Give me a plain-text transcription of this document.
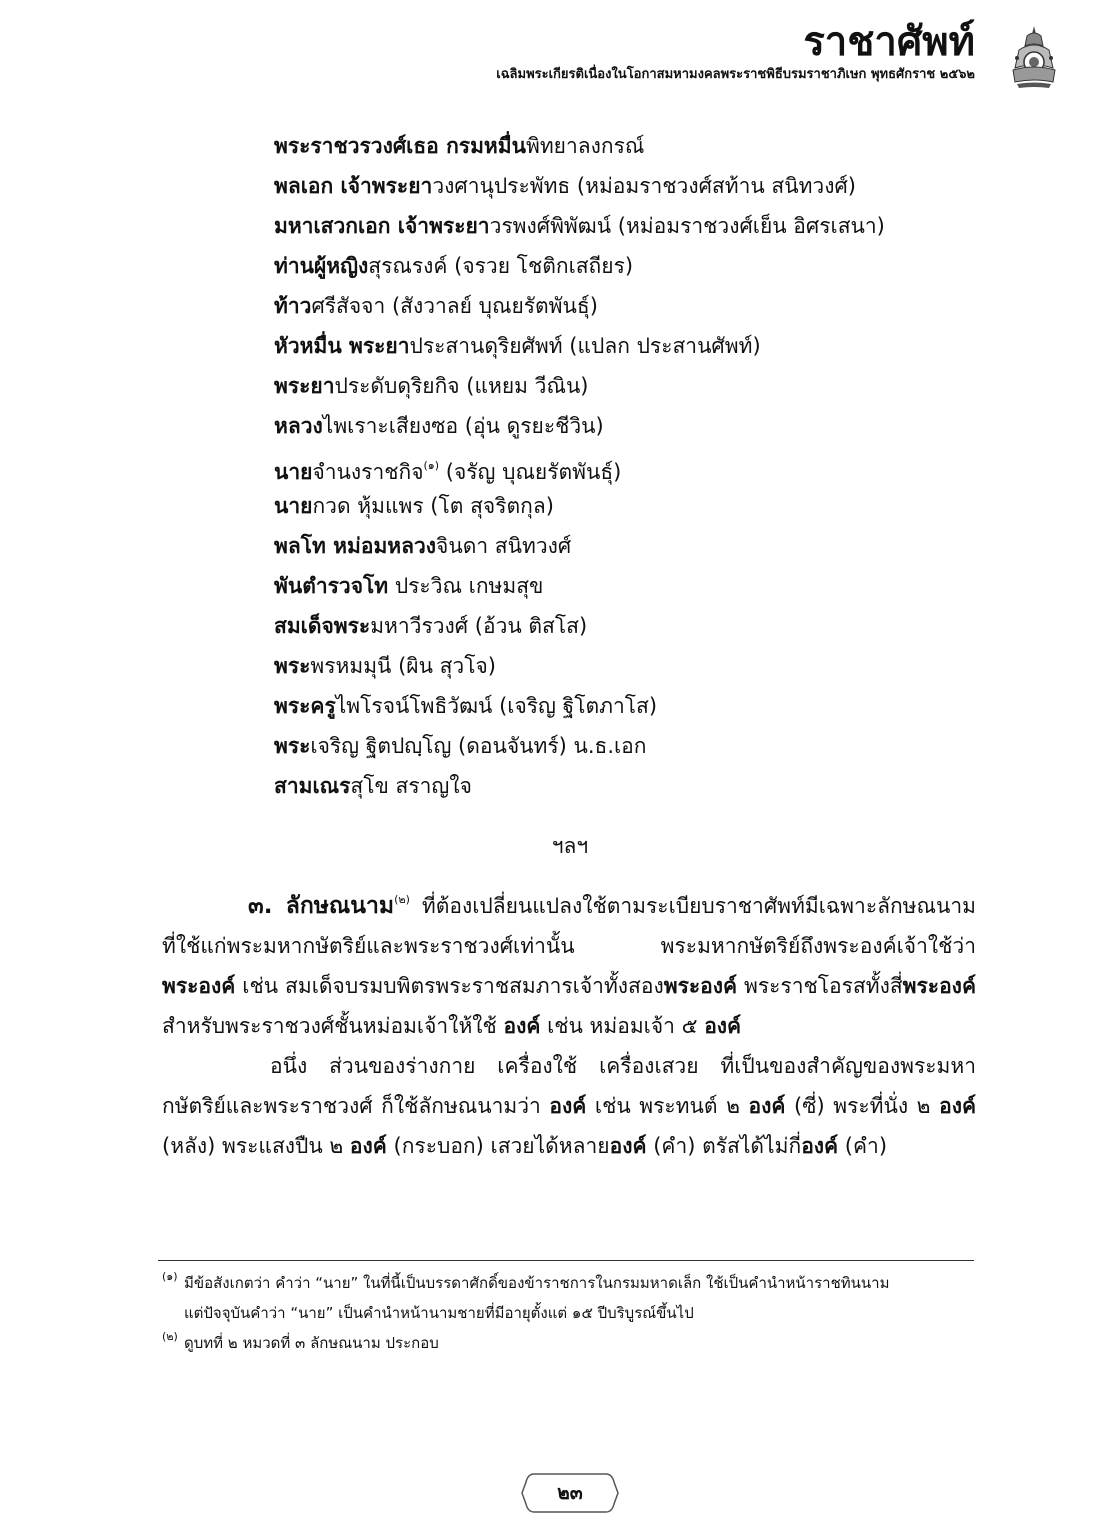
ราชาศัพท์
เฉลิมพระเกียรติเนื่องในโอกาสมหามงคลพระราชพิธีบรมราชาภิเษก พุทธศักราช ๒๕๖๒
พระราชวรวงศ์เธอ กรมหมื่นพิทยาลงกรณ์
พลเอก เจ้าพระยาวงศานุประพัทธ (หม่อมราชวงศ์สท้าน สนิทวงศ์)
มหาเสวกเอก เจ้าพระยาวรพงศ์พิพัฒน์ (หม่อมราชวงศ์เย็น อิศรเสนา)
ท่านผู้หญิงสุรณรงค์ (จรวย โชติกเสถียร)
ท้าวศรีสัจจา (สังวาลย์ บุณยรัตพันธุ์)
หัวหมื่น พระยาประสานดุริยศัพท์ (แปลก ประสานศัพท์)
พระยาประดับดุริยกิจ (แหยม วีณิน)
หลวงไพเราะเสียงซอ (อุ่น ดูรยะชีวิน)
นายจำนงราชกิจ$^{(๑)}$ (จรัญ บุณยรัตพันธุ์)
นายกวด หุ้มแพร (โต สุจริตกุล)
พลโท หม่อมหลวงจินดา สนิทวงศ์
พันตำรวจโท ประวิณ เกษมสุข
สมเด็จพระมหาวีรวงศ์ (อ้วน ติสโส)
พระพรหมมุนี (ผิน สุวโจ)
พระครูไพโรจน์โพธิวัฒน์ (เจริญ ฐิโตภาโส)
พระเจริญ ฐิตปญฺโญ (ดอนจันทร์) น.ธ.เอก
สามเณรสุโข สราญใจ
ฯลฯ

๓. ลักษณนาม$^{(๒)}$ ที่ต้องเปลี่ยนแปลงใช้ตามระเบียบราชาศัพท์มีเฉพาะลักษณนามที่ใช้แก่พระมหากษัตริย์และพระราชวงศ์เท่านั้น พระมหากษัตริย์ถึงพระองค์เจ้าใช้ว่า พระองค์ เช่น สมเด็จบรมบพิตรพระราชสมภารเจ้าทั้งสองพระองค์ พระราชโอรสทั้งสี่พระองค์ สำหรับพระราชวงศ์ชั้นหม่อมเจ้าให้ใช้ องค์ เช่น หม่อมเจ้า ๕ องค์

อนึ่ง ส่วนของร่างกาย เครื่องใช้ เครื่องเสวย ที่เป็นของสำคัญของพระมหากษัตริย์และพระราชวงศ์ ก็ใช้ลักษณนามว่า องค์ เช่น พระทนต์ ๒ องค์ (ซี่) พระที่นั่ง ๒ องค์ (หลัง) พระแสงปืน ๒ องค์ (กระบอก) เสวยได้หลายองค์ (คำ) ตรัสได้ไม่กี่องค์ (คำ)

(๑) มีข้อสังเกตว่า คำว่า “นาย” ในที่นี้เป็นบรรดาศักดิ์ของข้าราชการในกรมมหาดเล็ก ใช้เป็นคำนำหน้าราชทินนาม
แต่ปัจจุบันคำว่า “นาย” เป็นคำนำหน้านามชายที่มีอายุตั้งแต่ ๑๕ ปีบริบูรณ์ขึ้นไป
(๒) ดูบทที่ ๒ หมวดที่ ๓ ลักษณนาม ประกอบ
๒๓
